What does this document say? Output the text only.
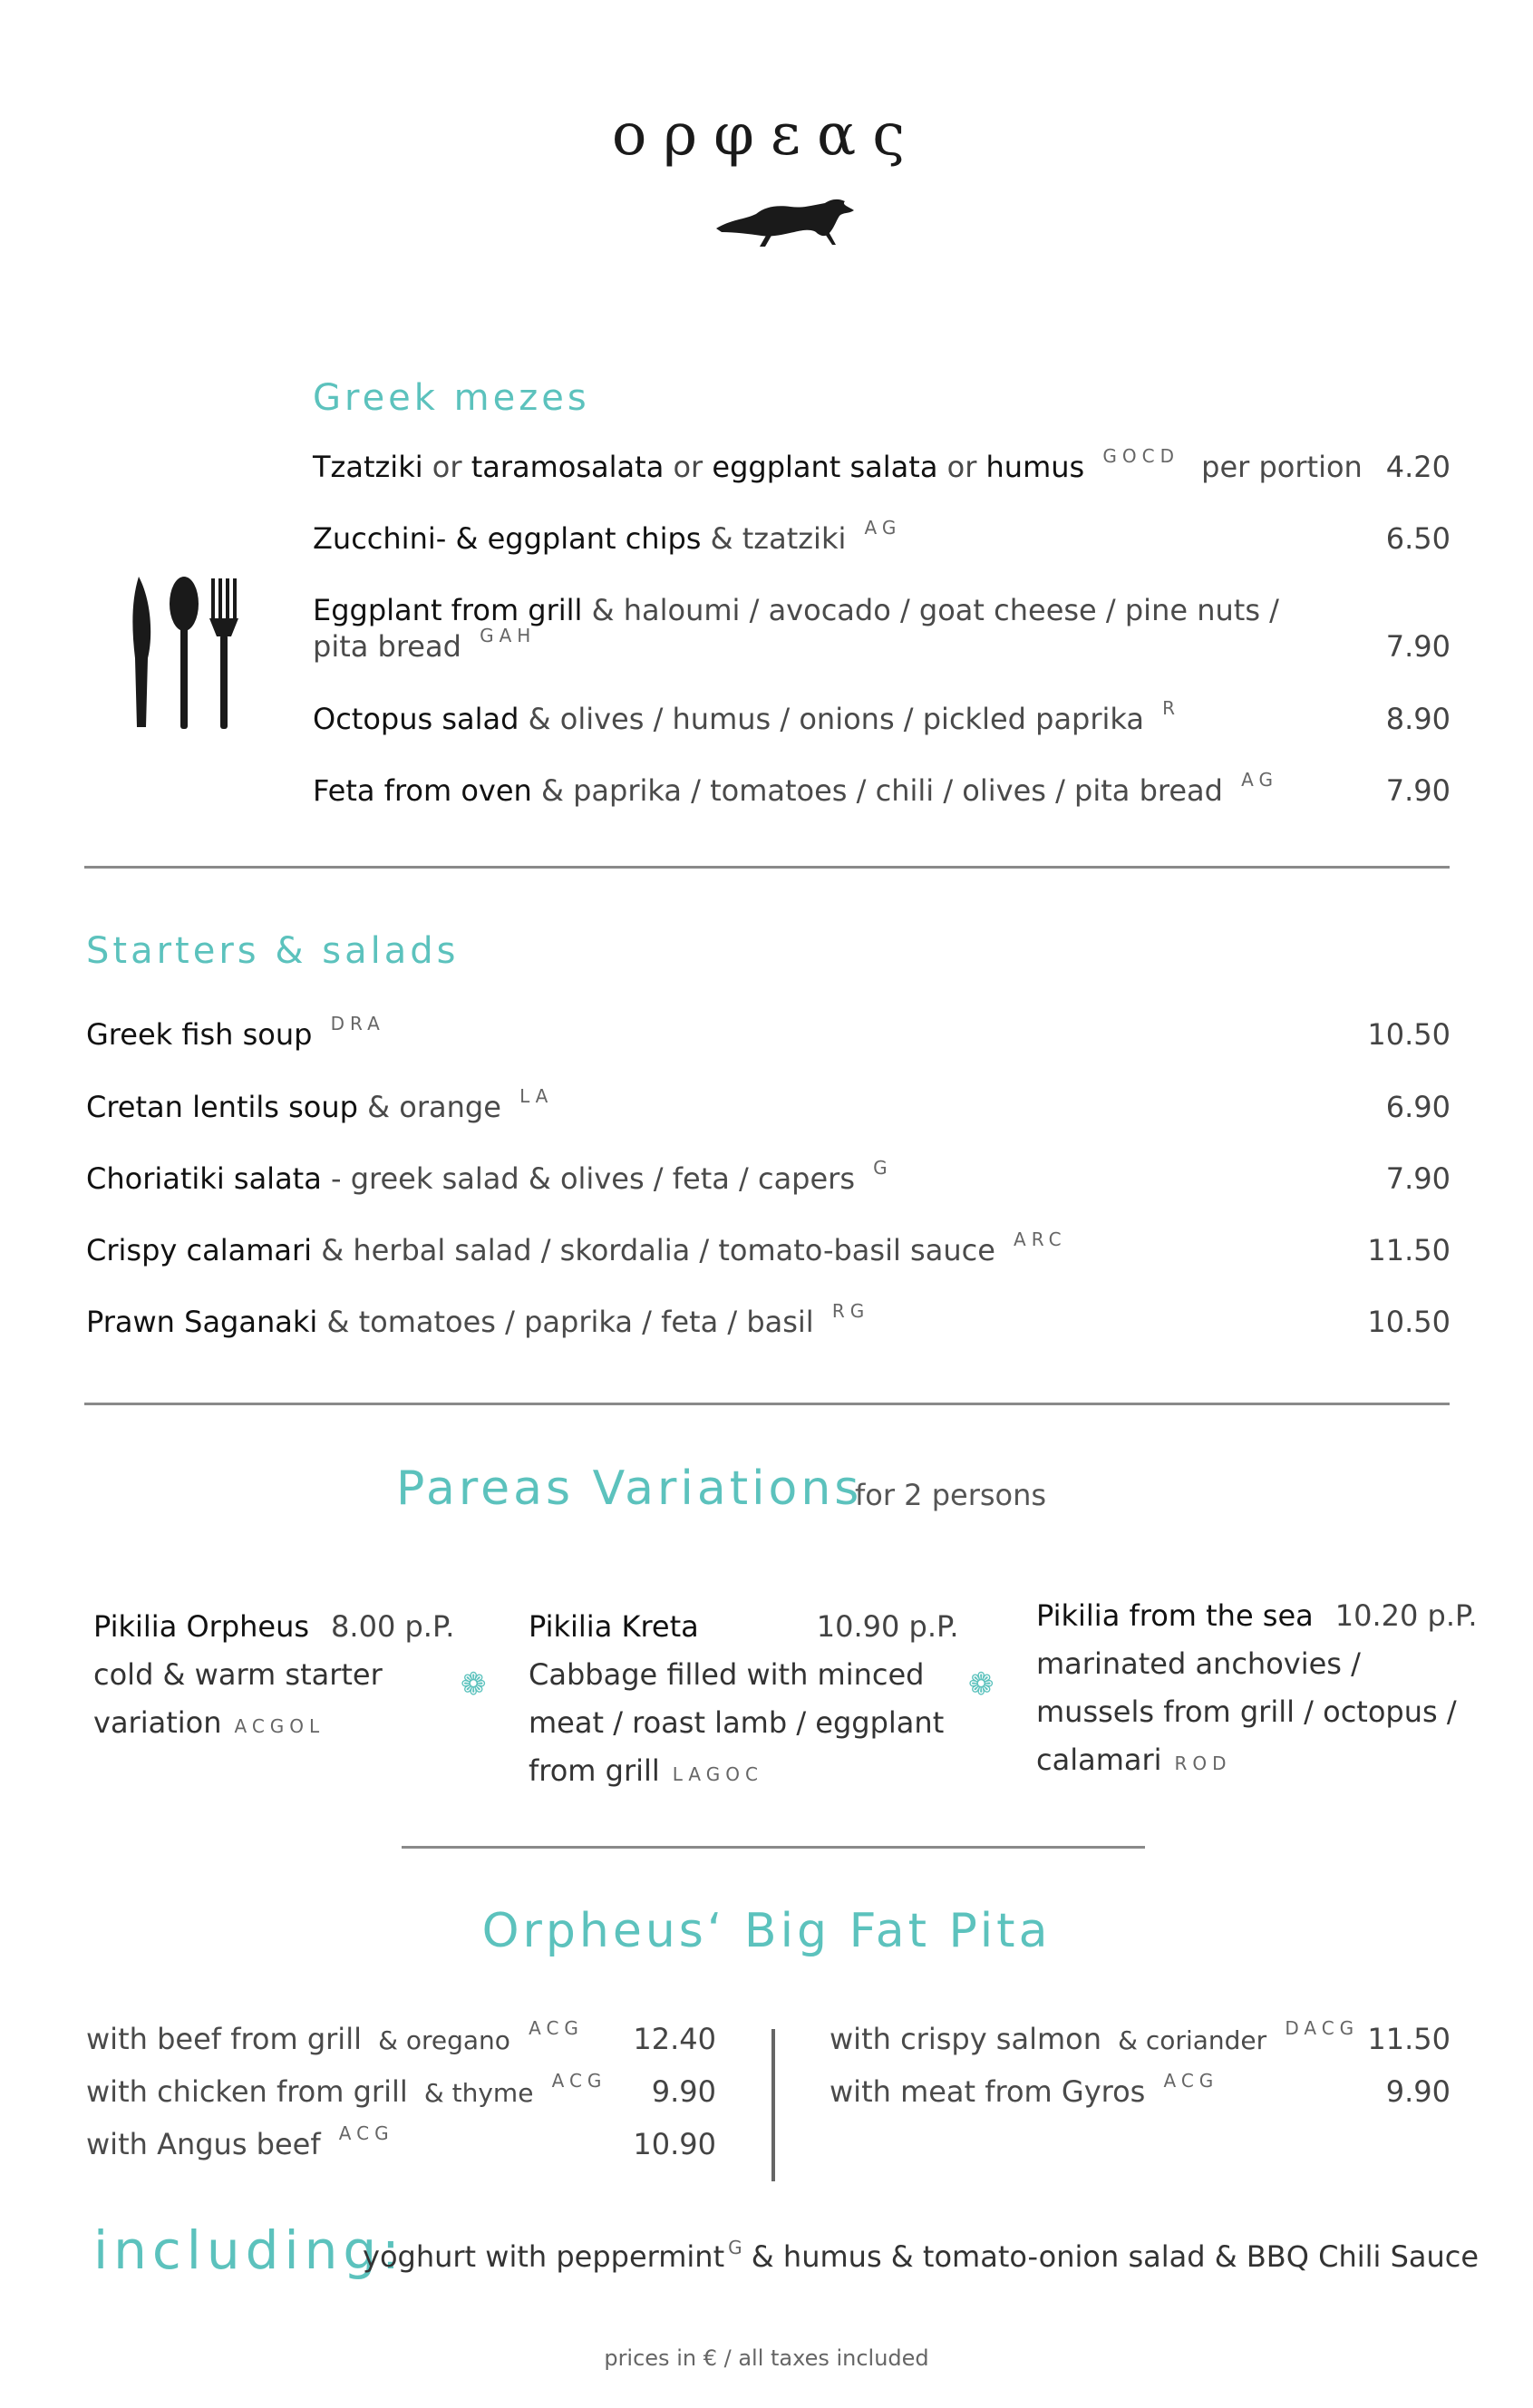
ορφεας
Greek mezes
Tzatziki or taramosalata or eggplant salata or humus $^{GOCD}$ per portion 4.20
Zucchini- & eggplant chips & tzatziki $^{AG}$	6.50
Eggplant from grill & haloumi / avocado / goat cheese / pine nuts /
pita bread $^{GAH}$	7.90
Octopus salad & olives / humus / onions / pickled paprika $^R$	8.90
Feta from oven & paprika / tomatoes / chili / olives / pita bread $^{AG}$	7.90
Starters & salads
Greek fish soup $^{DRA}$	10.50
Cretan lentils soup & orange $^{LA}$	6.90
Choriatiki salata - greek salad & olives / feta / capers $^G$	7.90
Crispy calamari & herbal salad / skordalia / tomato-basil sauce $^{ARC}$	11.50
Prawn Saganaki & tomatoes / paprika / feta / basil $^{RG}$	10.50
Pareas Variations
for 2 persons
Pikilia Orpheus 8.00 p.P.
cold & warm starter
variation ACGOL
❁
Pikilia Kreta	10.90 p.P.
Cabbage filled with minced
meat / roast lamb / eggplant
from grill LAGOC
❁
Pikilia from the sea 10.20 p.P.
marinated anchovies /
mussels from grill / octopus /
calamari ROD
Orpheus‘ Big Fat Pita
with beef from grill & oregano $^{ACG}$	12.40
with chicken from grill & thyme $^{ACG}$	9.90
with Angus beef $^{ACG}$	10.90
with crispy salmon & coriander $^{DACG}$ 11.50
with meat from Gyros $^{ACG}$	9.90
including:
yoghurt with peppermint $^G$ & humus & tomato-onion salad & BBQ Chili Sauce
prices in € / all taxes included
